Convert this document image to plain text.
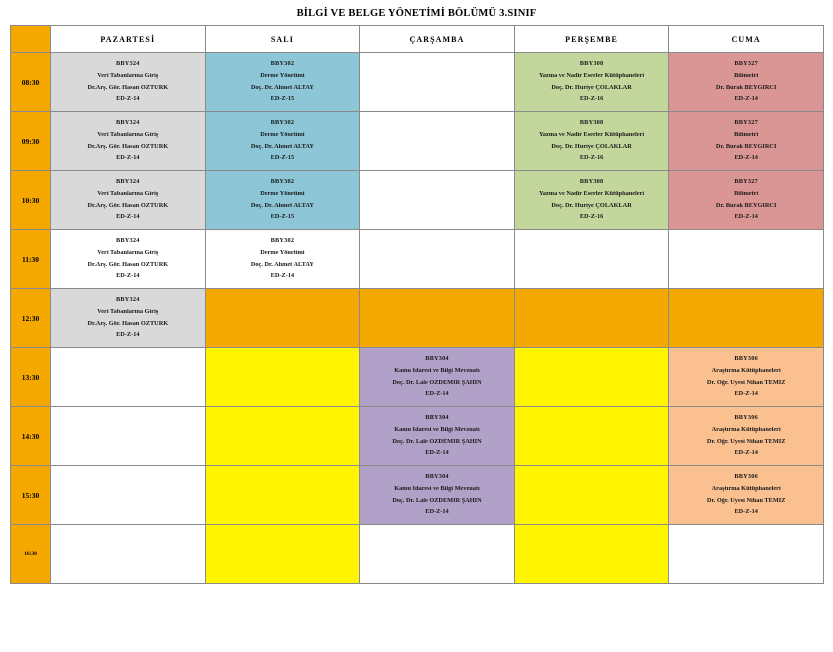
BİLGİ VE BELGE YÖNETİMİ BÖLÜMÜ 3.SINIF
	PAZARTESİ	SALI	ÇARŞAMBA	PERŞEMBE	CUMA
08:30	BBY324
Veri Tabanlarına Giriş
Dr.Arş. Gör. Hasan ÖZTÜRK
ED-Z-14	BBY302
Derme Yönetimi
Doç. Dr. Ahmet ALTAY
ED-Z-15		BBY308
Yazma ve Nadir Eserler Kütüphaneleri
Doç. Dr. Huriye ÇOLAKLAR
ED-Z-16	BBY327
Bilimetri
Dr. Burak BEYGİRCİ
ED-Z-14

09:30	BBY324
Veri Tabanlarına Giriş
Dr.Arş. Gör. Hasan ÖZTÜRK
ED-Z-14	BBY302
Derme Yönetimi
Doç. Dr. Ahmet ALTAY
ED-Z-15		BBY308
Yazma ve Nadir Eserler Kütüphaneleri
Doç. Dr. Huriye ÇOLAKLAR
ED-Z-16	BBY327
Bilimetri
Dr. Burak BEYGİRCİ
ED-Z-14

10:30	BBY324
Veri Tabanlarına Giriş
Dr.Arş. Gör. Hasan ÖZTÜRK
ED-Z-14	BBY302
Derme Yönetimi
Doç. Dr. Ahmet ALTAY
ED-Z-15		BBY308
Yazma ve Nadir Eserler Kütüphaneleri
Doç. Dr. Huriye ÇOLAKLAR
ED-Z-16	BBY327
Bilimetri
Dr. Burak BEYGİRCİ
ED-Z-14

11:30	BBY324
Veri Tabanlarına Giriş
Dr.Arş. Gör. Hasan ÖZTÜRK
ED-Z-14	BBY302
Derme Yönetimi
Doç. Dr. Ahmet ALTAY
ED-Z-14			

12:30	BBY324
Veri Tabanlarına Giriş
Dr.Arş. Gör. Hasan ÖZTÜRK
ED-Z-14				

13:30			BBY304
Kamu İdaresi ve Bilgi Mevzuatı
Doç. Dr. Lale ÖZDEMİR ŞAHİN
ED-Z-14		BBY306
Araştırma Kütüphaneleri
Dr. Öğr. Üyesi Nihan TEMİZ
ED-Z-14

14:30			BBY304
Kamu İdaresi ve Bilgi Mevzuatı
Doç. Dr. Lale ÖZDEMİR ŞAHİN
ED-Z-14		BBY306
Araştırma Kütüphaneleri
Dr. Öğr. Üyesi Nihan TEMİZ
ED-Z-14

15:30			BBY304
Kamu İdaresi ve Bilgi Mevzuatı
Doç. Dr. Lale ÖZDEMİR ŞAHİN
ED-Z-14		BBY306
Araştırma Kütüphaneleri
Dr. Öğr. Üyesi Nihan TEMİZ
ED-Z-14

16:30	
